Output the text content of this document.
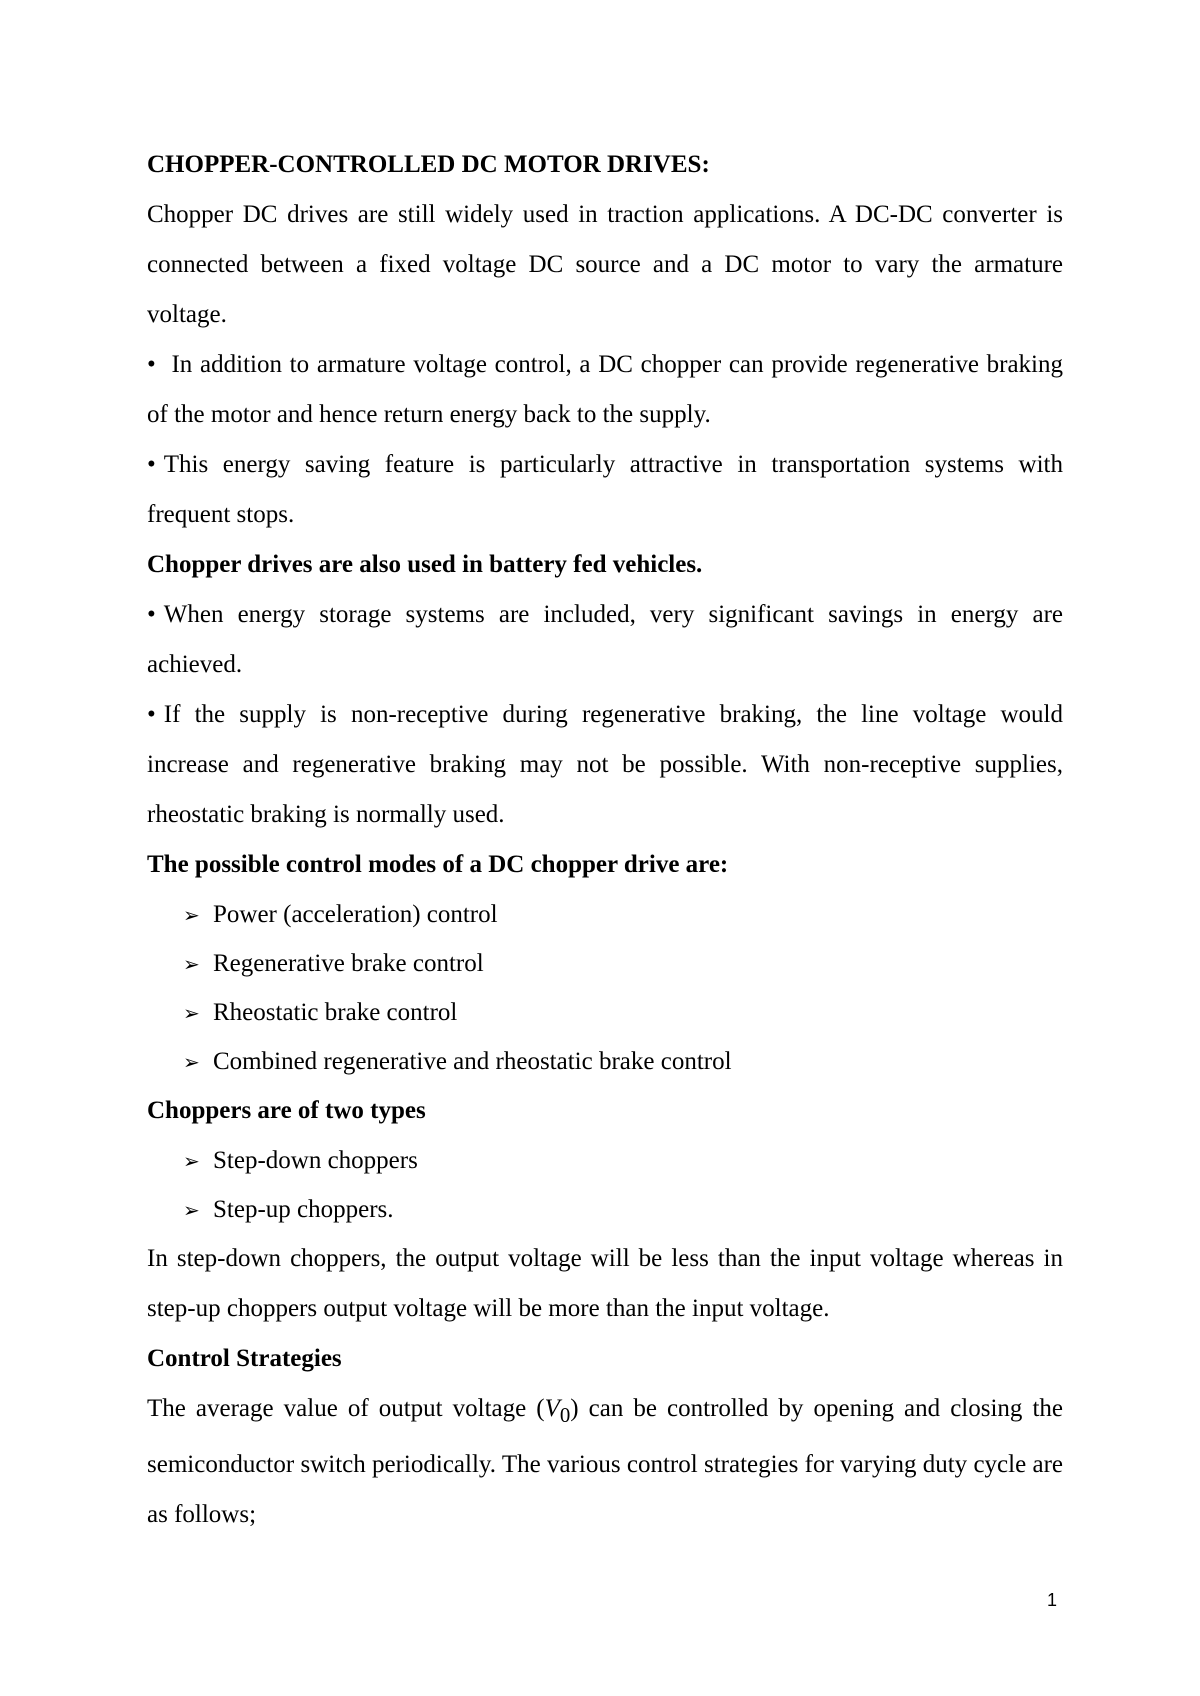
CHOPPER-CONTROLLED DC MOTOR DRIVES:

Chopper DC drives are still widely used in traction applications. A DC-DC converter is connected between a fixed voltage DC source and a DC motor to vary the armature voltage.

• In addition to armature voltage control, a DC chopper can provide regenerative braking of the motor and hence return energy back to the supply.

• This energy saving feature is particularly attractive in transportation systems with frequent stops.

Chopper drives are also used in battery fed vehicles.

• When energy storage systems are included, very significant savings in energy are achieved.

• If the supply is non-receptive during regenerative braking, the line voltage would increase and regenerative braking may not be possible. With non-receptive supplies, rheostatic braking is normally used.

The possible control modes of a DC chopper drive are:

➢ Power (acceleration) control
➢ Regenerative brake control
➢ Rheostatic brake control
➢ Combined regenerative and rheostatic brake control

Choppers are of two types

➢ Step-down choppers
➢ Step-up choppers.

In step-down choppers, the output voltage will be less than the input voltage whereas in step-up choppers output voltage will be more than the input voltage.

Control Strategies

The average value of output voltage $(V_0)$ can be controlled by opening and closing the semiconductor switch periodically. The various control strategies for varying duty cycle are as follows;

1
